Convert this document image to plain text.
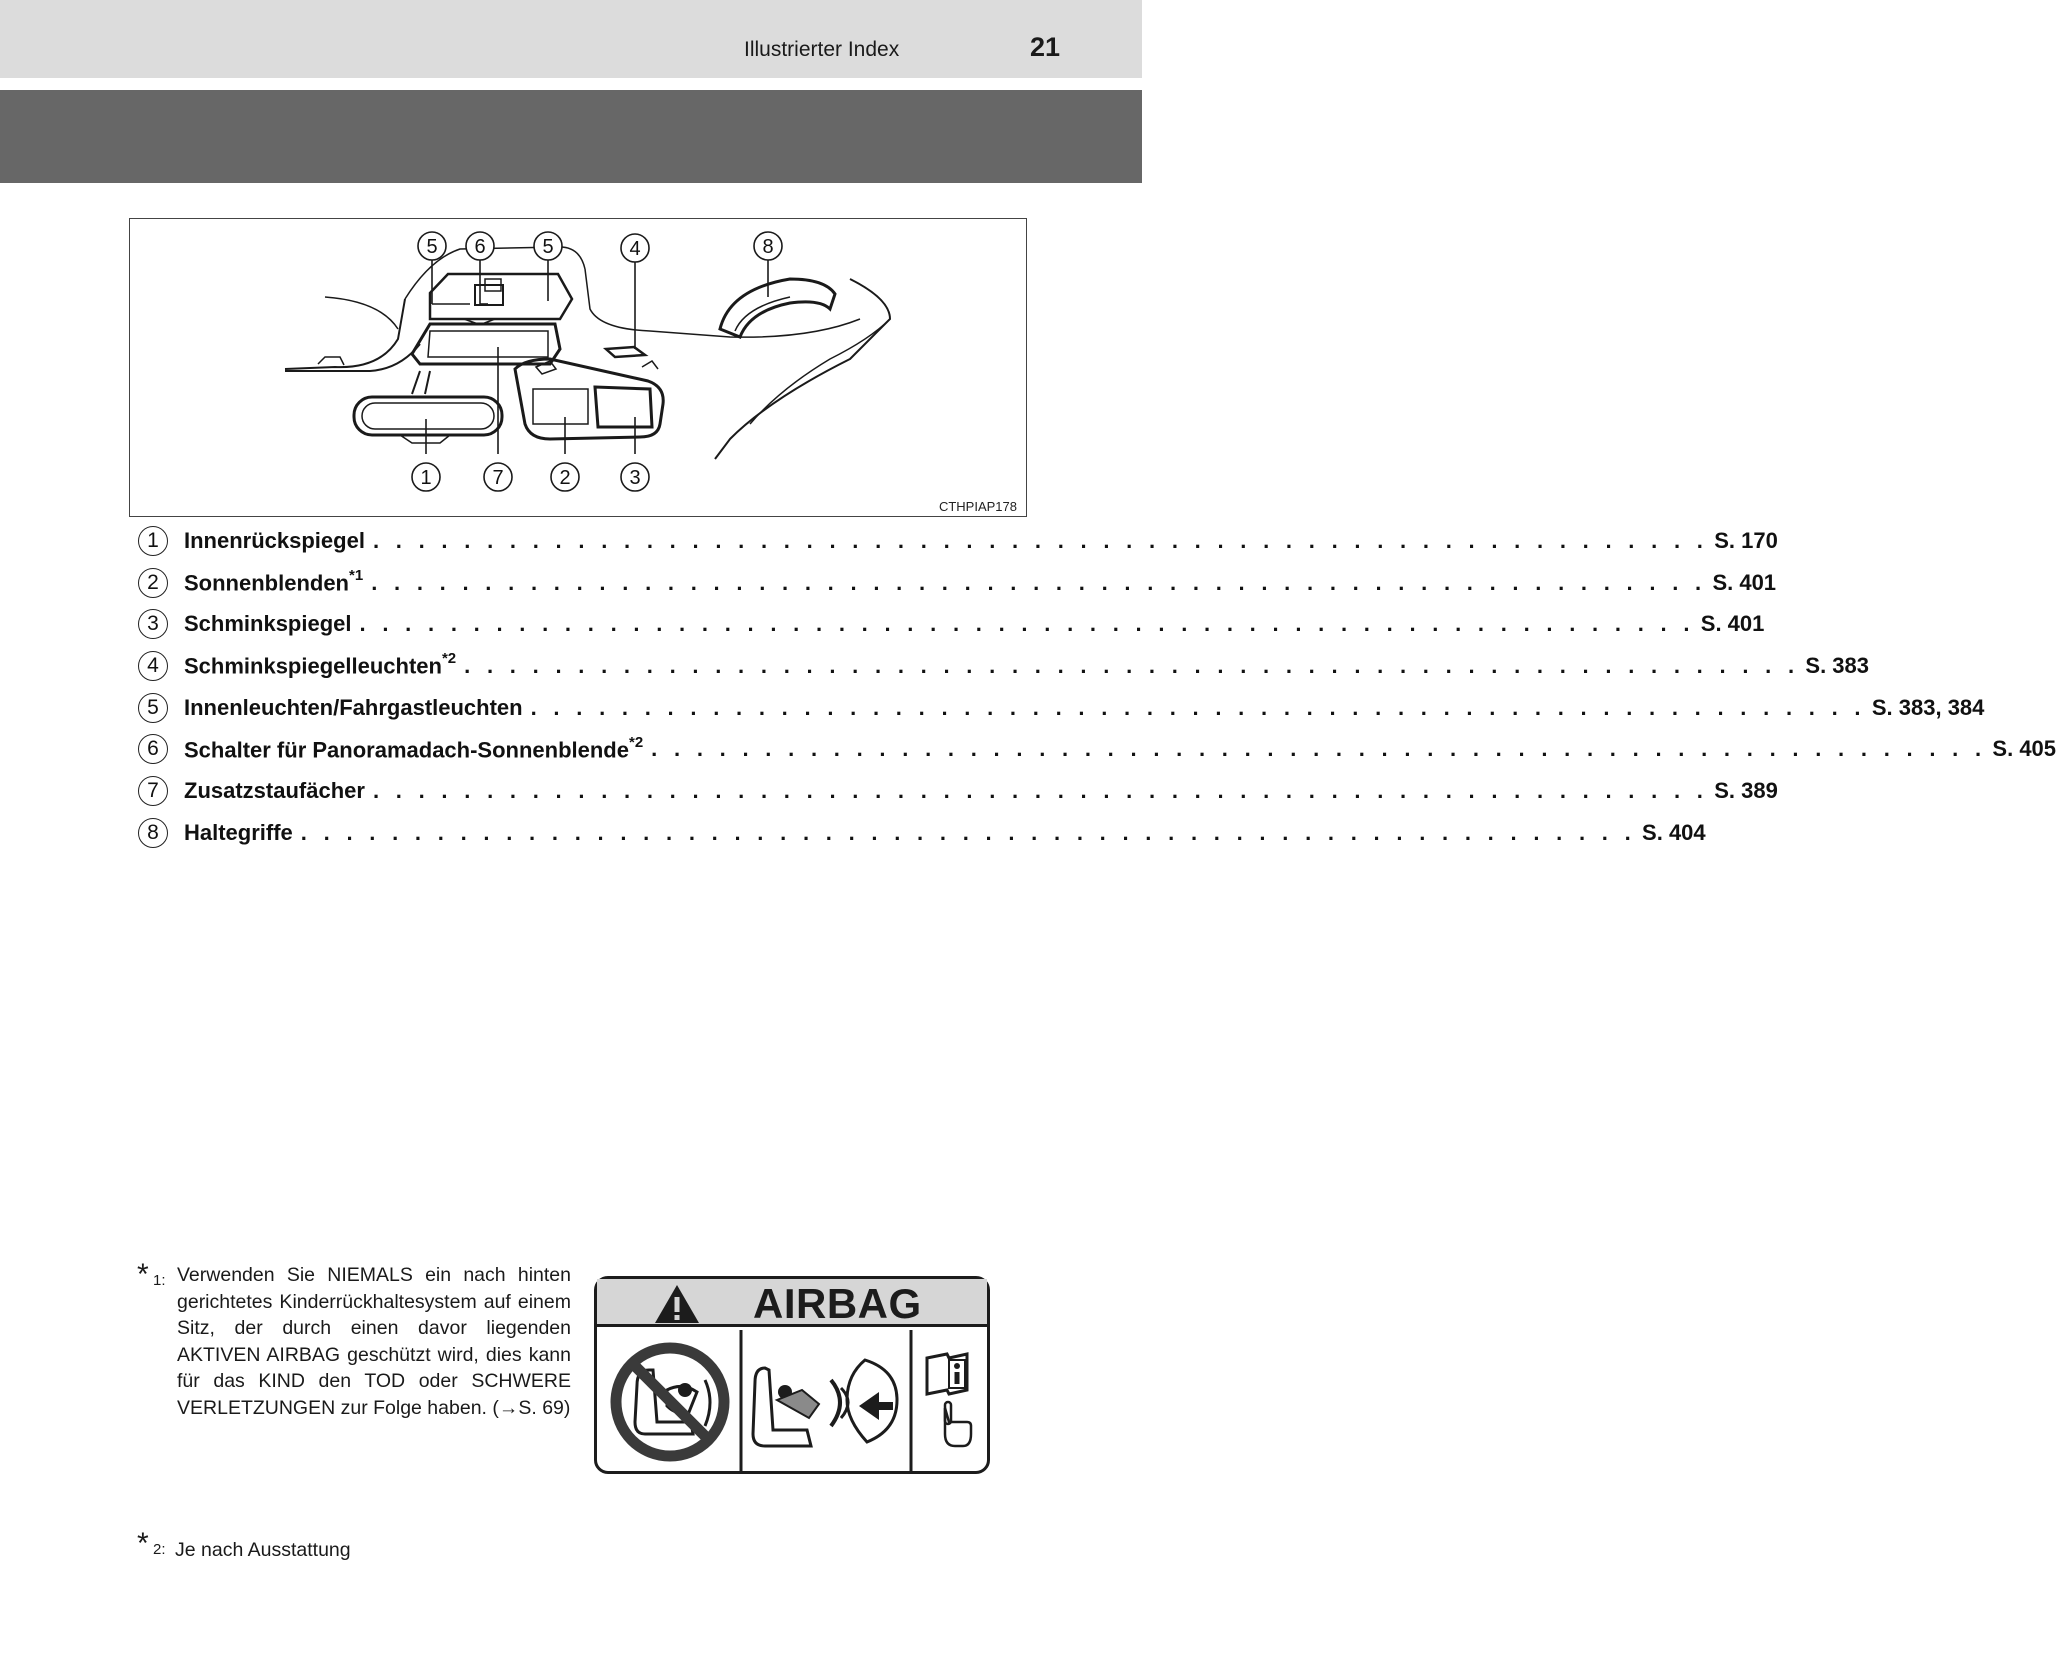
Illustrierter Index	21
5 6	5	4	8
1	7	2	3
CTHPIAP178
1	Innenrückspiegel . . . . . . . . . . . . . . . . . . . . . . . . . . . . . . . . . . . . . . . . . . . . . . . . . . . . . . . . . . . S. 170
2	Sonnenblenden$^{*1}$ . . . . . . . . . . . . . . . . . . . . . . . . . . . . . . . . . . . . . . . . . . . . . . . . . . . . . . . . . . . S. 401
3	Schminkspiegel . . . . . . . . . . . . . . . . . . . . . . . . . . . . . . . . . . . . . . . . . . . . . . . . . . . . . . . . . . . S. 401
4	Schminkspiegelleuchten$^{*2}$ . . . . . . . . . . . . . . . . . . . . . . . . . . . . . . . . . . . . . . . . . . . . . . . . . . . . . . . . . . . S. 383
5	Innenleuchten/Fahrgastleuchten . . . . . . . . . . . . . . . . . . . . . . . . . . . . . . . . . . . . . . . . . . . . . . . . . . . . . . . . . . . S. 383, 384
6	Schalter für Panoramadach-Sonnenblende$^{*2}$ . . . . . . . . . . . . . . . . . . . . . . . . . . . . . . . . . . . . . . . . . . . . . . . . . . . . . . . . . . . S. 405
7	Zusatzstaufächer . . . . . . . . . . . . . . . . . . . . . . . . . . . . . . . . . . . . . . . . . . . . . . . . . . . . . . . . . . . S. 389
8	Haltegriffe . . . . . . . . . . . . . . . . . . . . . . . . . . . . . . . . . . . . . . . . . . . . . . . . . . . . . . . . . . . S. 404
* 1: Verwenden Sie NIEMALS ein nach hinten gerichtetes Kinderrückhaltesystem auf einem Sitz, der durch einen davor liegenden AKTIVEN AIRBAG geschützt wird, dies kann für das KIND den TOD oder SCHWERE VERLETZUNGEN zur Folge haben. (→S. 69)

* 2: Je nach Ausstattung

AIRBAG
